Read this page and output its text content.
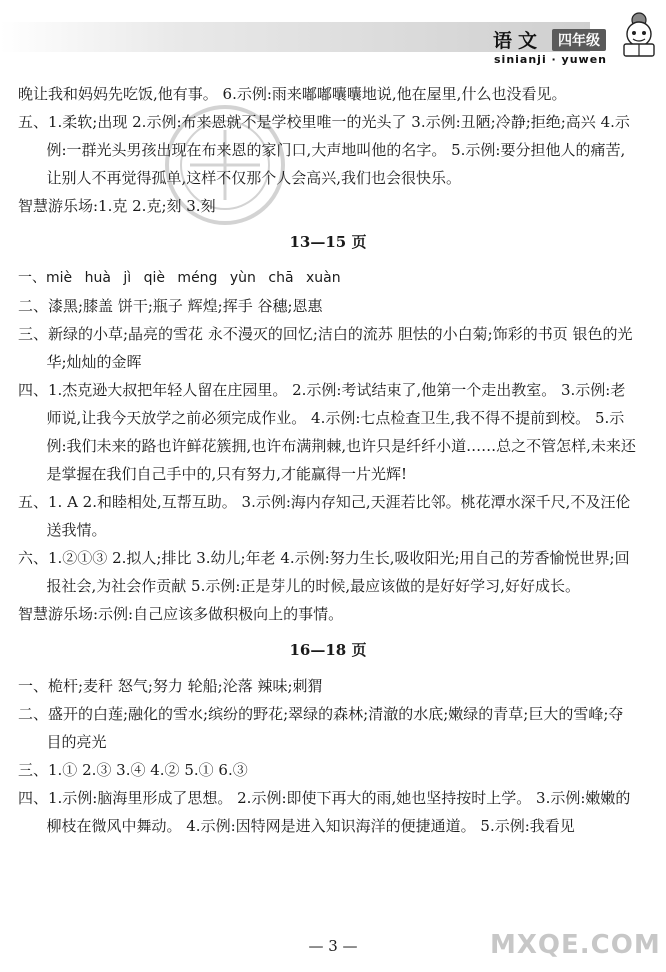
语文	四年级
sinianji · yuwen

晚让我和妈妈先吃饭,他有事。 6.示例:雨来嘟嘟囔囔地说,他在屋里,什么也没看见。

五、1.柔软;出现 2.示例:布来恩就不是学校里唯一的光头了 3.示例:丑陋;冷静;拒绝;高兴 4.示例:一群光头男孩出现在布来恩的家门口,大声地叫他的名字。 5.示例:要分担他人的痛苦,让别人不再觉得孤单,这样不仅那个人会高兴,我们也会很快乐。

智慧游乐场:1.克 2.克;刻 3.刻

13—15 页

一、miè huà jì qiè méng yùn chā xuàn

二、漆黑;膝盖 饼干;瓶子 辉煌;挥手 谷穗;恩惠

三、新绿的小草;晶亮的雪花 永不漫灭的回忆;洁白的流苏 胆怯的小白菊;饰彩的书页 银色的光华;灿灿的金晖

四、1.杰克逊大叔把年轻人留在庄园里。 2.示例:考试结束了,他第一个走出教室。 3.示例:老师说,让我今天放学之前必须完成作业。 4.示例:七点检查卫生,我不得不提前到校。 5.示例:我们未来的路也许鲜花簇拥,也许布满荆棘,也许只是纤纤小道……总之不管怎样,未来还是掌握在我们自己手中的,只有努力,才能赢得一片光辉!

五、1. A 2.和睦相处,互帮互助。 3.示例:海内存知己,天涯若比邻。桃花潭水深千尺,不及汪伦送我情。

六、1.②①③ 2.拟人;排比 3.幼儿;年老 4.示例:努力生长,吸收阳光;用自己的芳香愉悦世界;回报社会,为社会作贡献 5.示例:正是芽儿的时候,最应该做的是好好学习,好好成长。

智慧游乐场:示例:自己应该多做积极向上的事情。

16—18 页

一、桅杆;麦秆 怒气;努力 轮船;沦落 辣味;刺猬

二、盛开的白莲;融化的雪水;缤纷的野花;翠绿的森林;清澈的水底;嫩绿的青草;巨大的雪峰;夺目的亮光

三、1.① 2.③ 3.④ 4.② 5.① 6.③

四、1.示例:脑海里形成了思想。 2.示例:即使下再大的雨,她也坚持按时上学。 3.示例:嫩嫩的柳枝在微风中舞动。 4.示例:因特网是进入知识海洋的便捷通道。 5.示例:我看见

— 3 —	MXQE.COM
